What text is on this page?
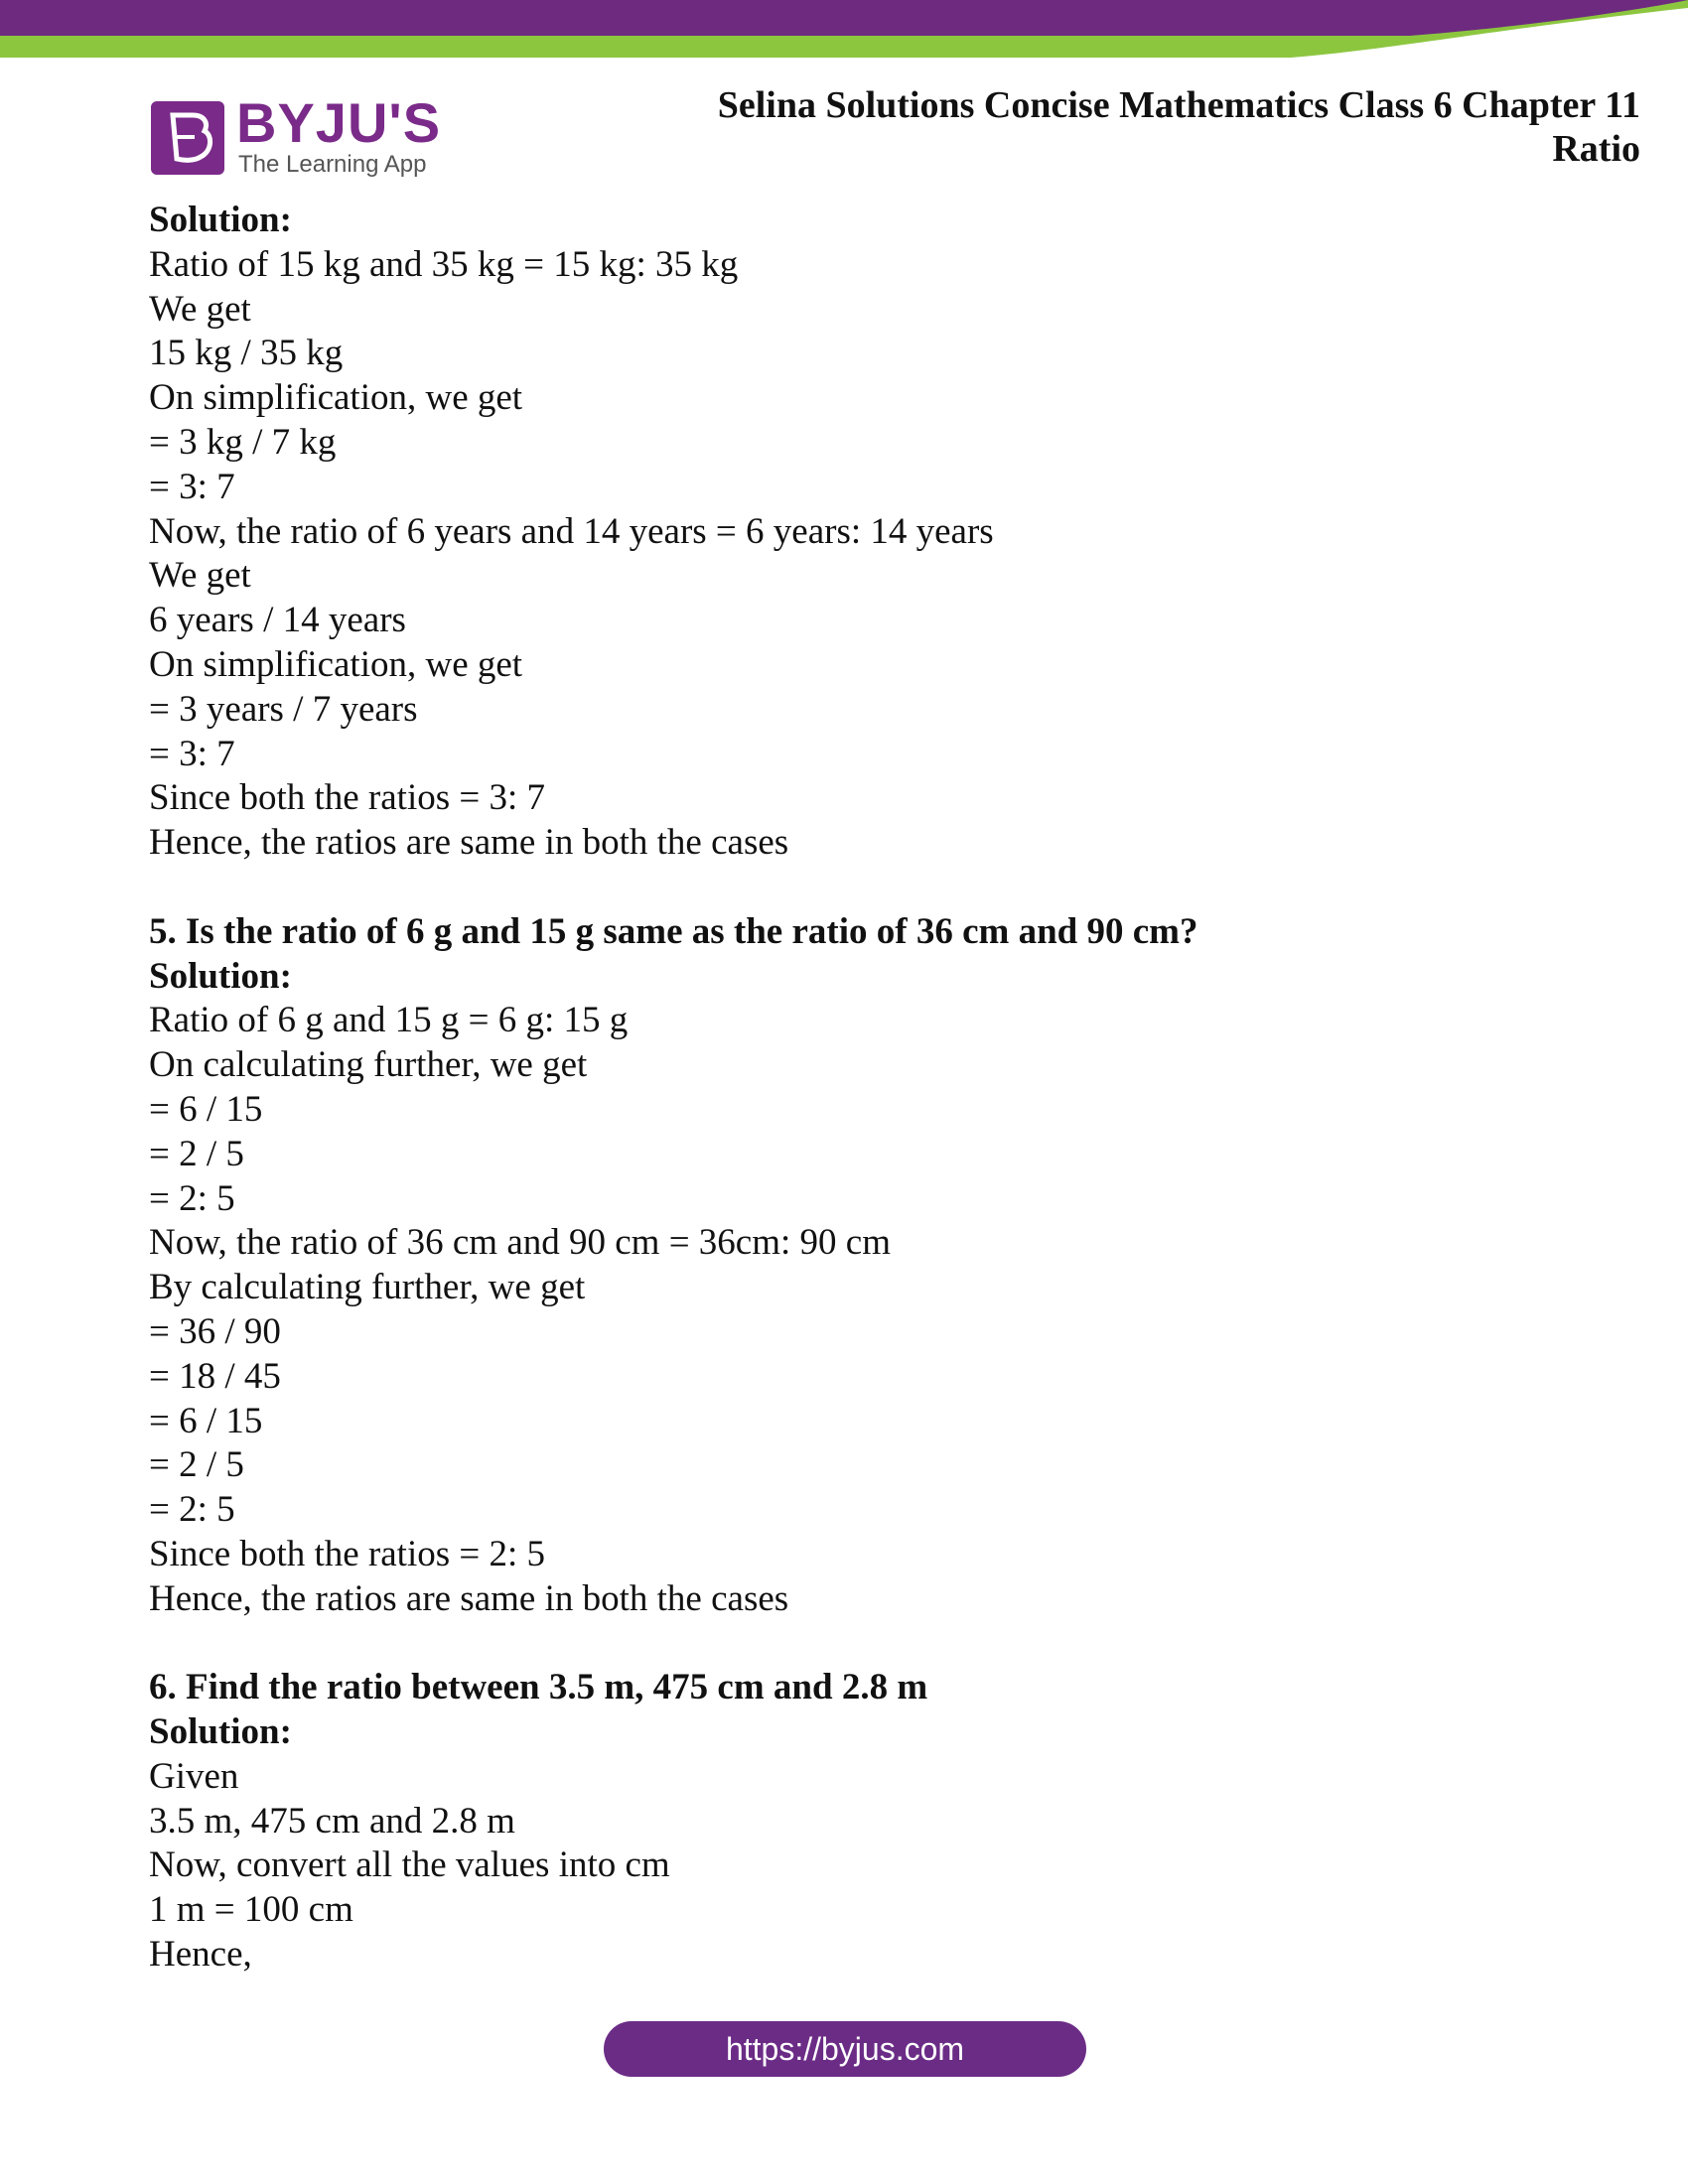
BYJU'S
The Learning App
Selina Solutions Concise Mathematics Class 6 Chapter 11
Ratio
Solution:
Ratio of 15 kg and 35 kg = 15 kg: 35 kg
We get
15 kg / 35 kg
On simplification, we get
= 3 kg / 7 kg
= 3: 7
Now, the ratio of 6 years and 14 years = 6 years: 14 years
We get
6 years / 14 years
On simplification, we get
= 3 years / 7 years
= 3: 7
Since both the ratios = 3: 7
Hence, the ratios are same in both the cases
5. Is the ratio of 6 g and 15 g same as the ratio of 36 cm and 90 cm?
Solution:
Ratio of 6 g and 15 g = 6 g: 15 g
On calculating further, we get
= 6 / 15
= 2 / 5
= 2: 5
Now, the ratio of 36 cm and 90 cm = 36cm: 90 cm
By calculating further, we get
= 36 / 90
= 18 / 45
= 6 / 15
= 2 / 5
= 2: 5
Since both the ratios = 2: 5
Hence, the ratios are same in both the cases
6. Find the ratio between 3.5 m, 475 cm and 2.8 m
Solution:
Given
3.5 m, 475 cm and 2.8 m
Now, convert all the values into cm
1 m = 100 cm
Hence,
https://byjus.com
